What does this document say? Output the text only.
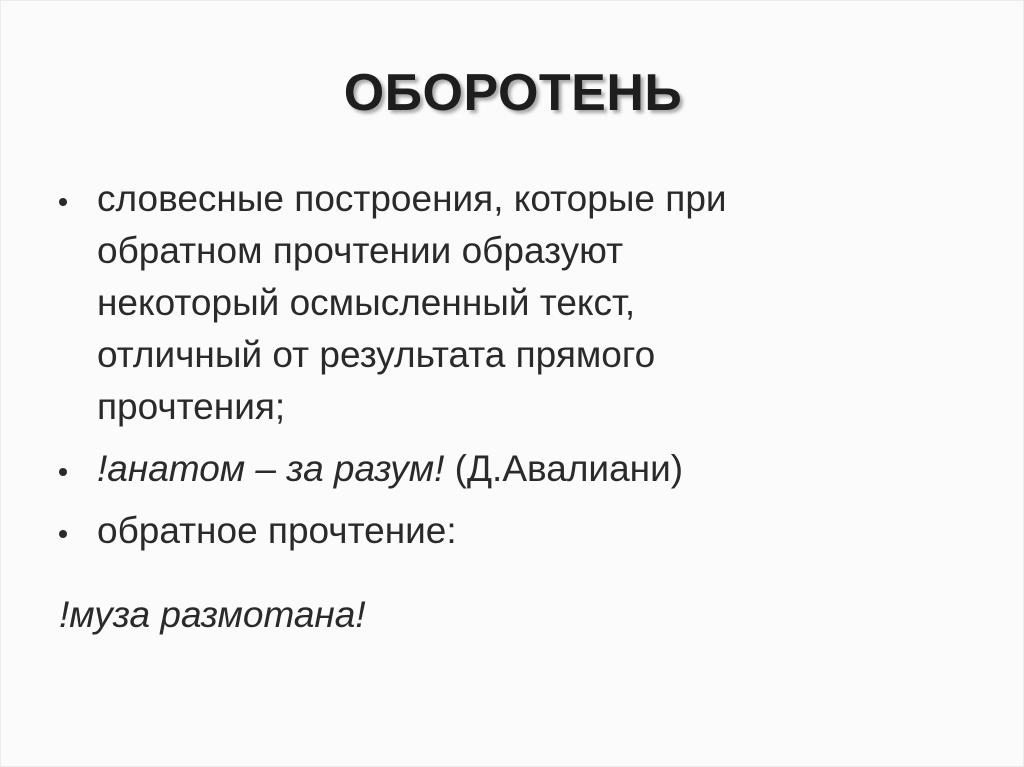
ОБОРОТЕНЬ
словесные построения, которые при
обратном прочтении образуют
некоторый осмысленный текст,
отличный от результата прямого
прочтения;
!анатом – за разум! (Д.Авалиани)
обратное прочтение:
!муза размотана!
